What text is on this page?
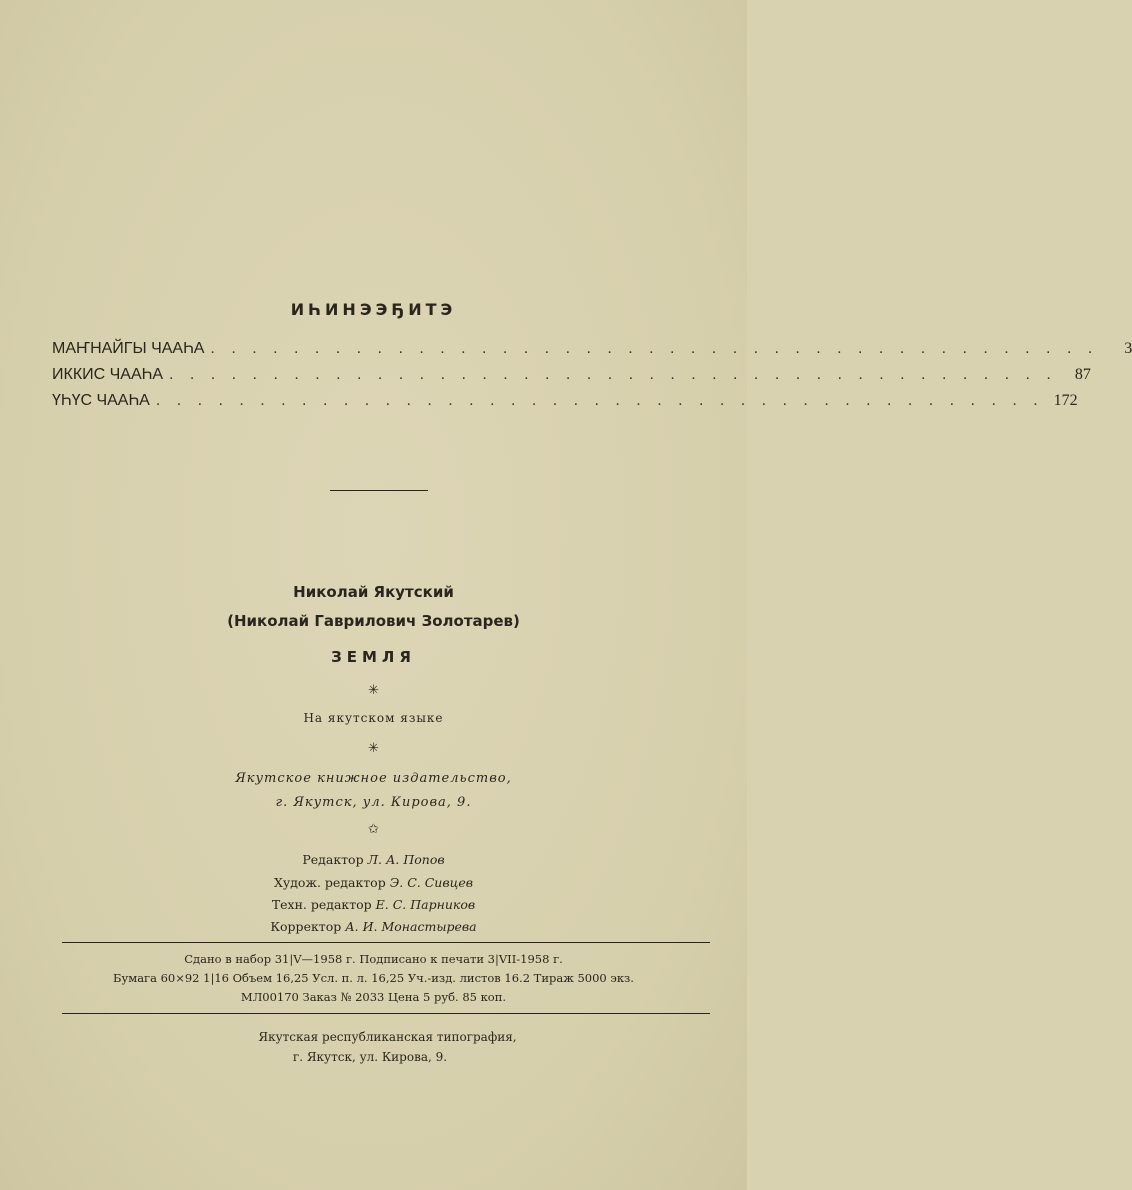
ИҺИНЭЭҔИТЭ
МАҤНАЙГЫ ЧААҺА . . . . . . . . . . . . . . . . . . . . . . . . . . . . . . . . . . . . . . . . . . .	3
ИККИС ЧААҺА . . . . . . . . . . . . . . . . . . . . . . . . . . . . . . . . . . . . . . . . . . .	87
ҮҺҮС ЧААҺА . . . . . . . . . . . . . . . . . . . . . . . . . . . . . . . . . . . . . . . . . . . 172
Николай Якутский
(Николай Гаврилович Золотарев)
ЗЕМЛЯ
✳
На якутском языке
✳
Якутское книжное издательство,
г. Якутск, ул. Кирова, 9.
✩
Редактор Л. А. Попов
Худож. редактор Э. С. Сивцев
Техн. редактор Е. С. Парников
Корректор А. И. Монастырева
Сдано в набор 31|V—1958 г. Подписано к печати 3|VII-1958 г.
Бумага 60×92 1|16 Объем 16,25 Усл. п. л. 16,25 Уч.-изд. листов 16.2 Тираж 5000 экз.
МЛ00170 Заказ № 2033 Цена 5 руб. 85 коп.
Якутская республиканская типография,
г. Якутск, ул. Кирова, 9.
